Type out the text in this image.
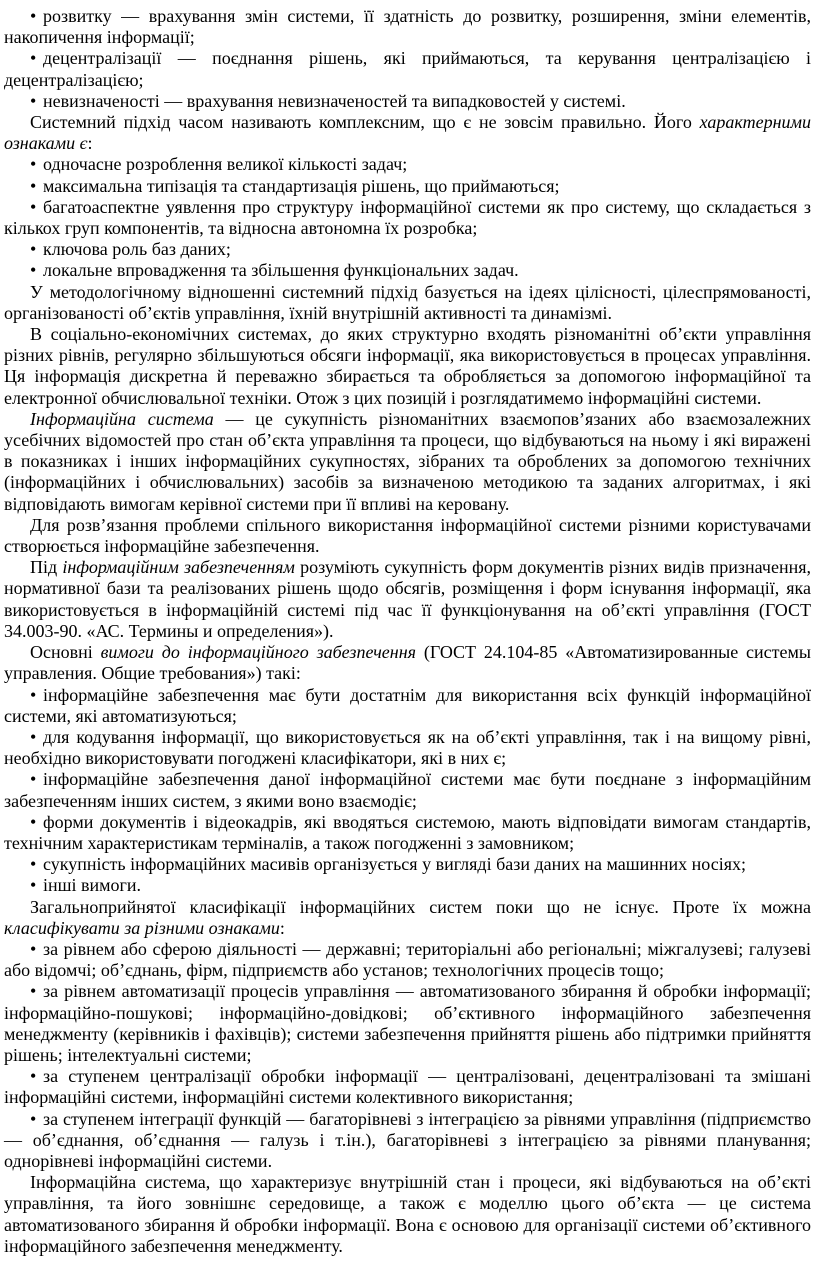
• розвитку — врахування змін системи, її здатність до розвитку, розширення, зміни елементів, накопичення інформації;

• децентралізації — поєднання рішень, які приймаються, та керування централізацією і децентралізацією;

• невизначеності — врахування невизначеностей та випадковостей у системі.

Системний підхід часом називають комплексним, що є не зовсім правильно. Його характерними ознаками є:

• одночасне розроблення великої кількості задач;

• максимальна типізація та стандартизація рішень, що приймаються;

• багатоаспектне уявлення про структуру інформаційної системи як про систему, що складається з кількох груп компонентів, та відносна автономна їх розробка;

• ключова роль баз даних;

• локальне впровадження та збільшення функціональних задач.

У методологічному відношенні системний підхід базується на ідеях цілісності, цілеспрямованості, організованості об’єктів управління, їхній внутрішній активності та динамізмі.

В соціально-економічних системах, до яких структурно входять різноманітні об’єкти управління різних рівнів, регулярно збільшуються обсяги інформації, яка використовується в процесах управління. Ця інформація дискретна й переважно збирається та обробляється за допомогою інформаційної та електронної обчислювальної техніки. Отож з цих позицій і розглядатимемо інформаційні системи.

Інформаційна система — це сукупність різноманітних взаємопов’язаних або взаємозалежних усебічних відомостей про стан об’єкта управління та процеси, що відбуваються на ньому і які виражені в показниках і інших інформаційних сукупностях, зібраних та оброблених за допомогою технічних (інформаційних і обчислювальних) засобів за визначеною методикою та заданих алгоритмах, і які відповідають вимогам керівної системи при її впливі на керовану.

Для розв’язання проблеми спільного використання інформаційної системи різними користувачами створюється інформаційне забезпечення.

Під інформаційним забезпеченням розуміють сукупність форм документів різних видів призначення, нормативної бази та реалізованих рішень щодо обсягів, розміщення і форм існування інформації, яка використовується в інформаційній системі під час її функціонування на об’єкті управління (ГОСТ 34.003-90. «АС. Термины и определения»).

Основні вимоги до інформаційного забезпечення (ГОСТ 24.104-85 «Автоматизированные системы управления. Общие требования») такі:

• інформаційне забезпечення має бути достатнім для використання всіх функцій інформаційної системи, які автоматизуються;

• для кодування інформації, що використовується як на об’єкті управління, так і на вищому рівні, необхідно використовувати погоджені класифікатори, які в них є;

• інформаційне забезпечення даної інформаційної системи має бути поєднане з інформаційним забезпеченням інших систем, з якими воно взаємодіє;

• форми документів і відеокадрів, які вводяться системою, мають відповідати вимогам стандартів, технічним характеристикам терміналів, а також погодженні з замовником;

• сукупність інформаційних масивів організується у вигляді бази даних на машинних носіях;

• інші вимоги.

Загальноприйнятої класифікації інформаційних систем поки що не існує. Проте їх можна класифікувати за різними ознаками:

• за рівнем або сферою діяльності — державні; територіальні або регіональні; міжгалузеві; галузеві або відомчі; об’єднань, фірм, підприємств або установ; технологічних процесів тощо;

• за рівнем автоматизації процесів управління — автоматизованого збирання й обробки інформації; інформаційно-пошукові; інформаційно-довідкові; об’єктивного інформаційного забезпечення менеджменту (керівників і фахівців); системи забезпечення прийняття рішень або підтримки прийняття рішень; інтелектуальні системи;

• за ступенем централізації обробки інформації — централізовані, децентралізовані та змішані інформаційні системи, інформаційні системи колективного використання;

• за ступенем інтеграції функцій — багаторівневі з інтеграцією за рівнями управління (підприємство — об’єднання, об’єднання — галузь і т.ін.), багаторівневі з інтеграцією за рівнями планування; однорівневі інформаційні системи.

Інформаційна система, що характеризує внутрішній стан і процеси, які відбуваються на об’єкті управління, та його зовнішнє середовище, а також є моделлю цього об’єкта — це система автоматизованого збирання й обробки інформації. Вона є основою для організації системи об’єктивного інформаційного забезпечення менеджменту.
